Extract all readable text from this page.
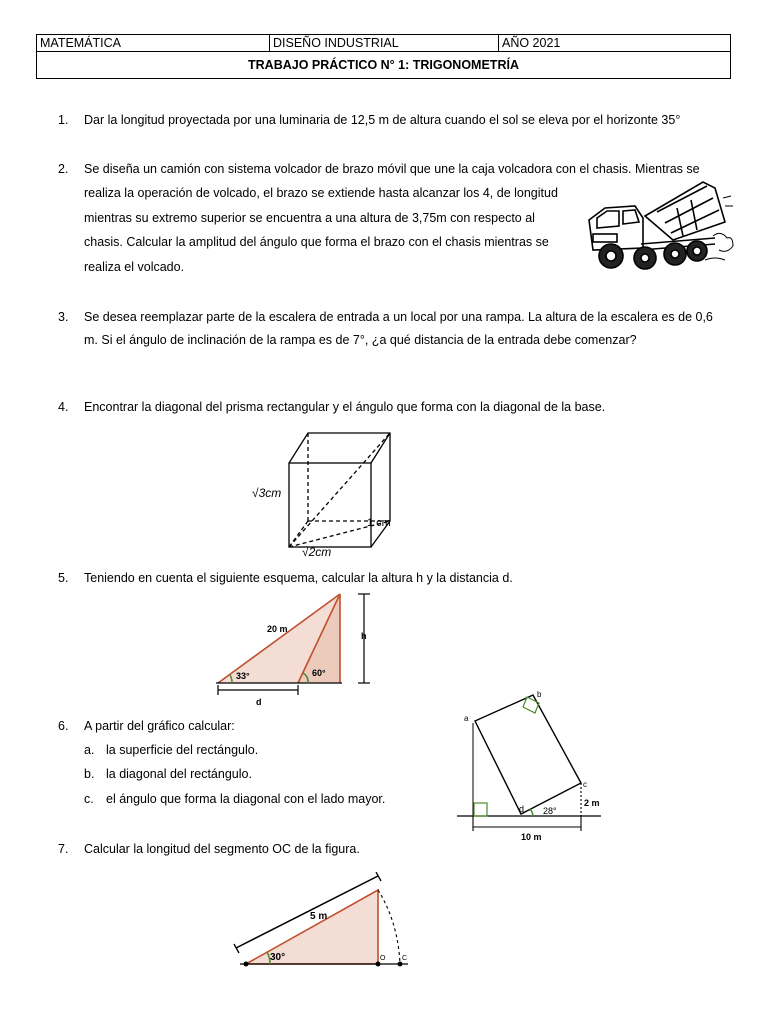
MATEMÁTICA	DISEÑO INDUSTRIAL	AÑO 2021
TRABAJO PRÁCTICO N° 1: TRIGONOMETRÍA
1. Dar la longitud proyectada por una luminaria de 12,5 m de altura cuando el sol se eleva por el horizonte 35°
2. Se diseña un camión con sistema volcador de brazo móvil que une la caja volcadora con el chasis. Mientras se
realiza la operación de volcado, el brazo se extiende hasta alcanzar los 4, de longitud
mientras su extremo superior se encuentra a una altura de 3,75m con respecto al
chasis. Calcular la amplitud del ángulo que forma el brazo con el chasis mientras se
realiza el volcado.
3. Se desea reemplazar parte de la escalera de entrada a un local por una rampa. La altura de la escalera es de 0,6
m. Si el ángulo de inclinación de la rampa es de 7°, ¿a qué distancia de la entrada debe comenzar?
4. Encontrar la diagonal del prisma rectangular y el ángulo que forma con la diagonal de la base.
√3cm
1 cm
√2cm
5. Teniendo en cuenta el siguiente esquema, calcular la altura h y la distancia d.
20 m
h
33°	60°
d
6. A partir del gráfico calcular:
a. la superficie del rectángulo.
b. la diagonal del rectángulo.
c. el ángulo que forma la diagonal con el lado mayor.
a
b
c
d 28°
2 m
10 m
7. Calcular la longitud del segmento OC de la figura.
5 m
30°	O C
